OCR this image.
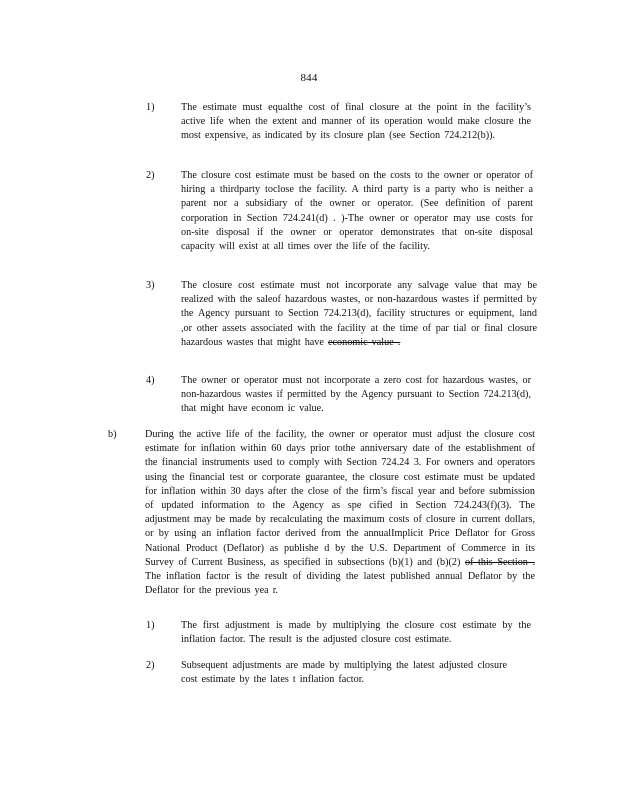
844
1)	The estimate must equalthe cost of final closure at the point in the facility’s active life when the extent and manner of its operation would make closure the most expensive, as indicated by its closure plan (see Section 724.212(b)).
2)	The closure cost estimate must be based on the costs to the owner or operator of hiring a thirdparty toclose the facility. A third party is a party who is neither a parent nor a subsidiary of the owner or operator. (See definition of parent corporation in Section 724.241(d) . )-The owner or operator may use costs for on-site disposal if the owner or operator demonstrates that on-site disposal capacity will exist at all times over the life of the facility.
3)	The closure cost estimate must not incorporate any salvage value that may be realized with the saleof hazardous wastes, or non-hazardous wastes if permitted by the Agency pursuant to Section 724.213(d), facility structures or equipment, land ,or other assets associated with the facility at the time of par tial or final closure hazardous wastes that might have economic value .
4)	The owner or operator must not incorporate a zero cost for hazardous wastes, or non-hazardous wastes if permitted by the Agency pursuant to Section 724.213(d), that might have econom ic value.
b)	During the active life of the facility, the owner or operator must adjust the closure cost estimate for inflation within 60 days prior tothe anniversary date of the establishment of the financial instruments used to comply with Section 724.24 3. For owners and operators using the financial test or corporate guarantee, the closure cost estimate must be updated for inflation within 30 days after the close of the firm’s fiscal year and before submission of updated information to the Agency as spe cified in Section 724.243(f)(3). The adjustment may be made by recalculating the maximum costs of closure in current dollars, or by using an inflation factor derived from the annualImplicit Price Deflator for Gross National Product (Deflator) as publishe d by the U.S. Department of Commerce in its Survey of Current Business, as specified in subsections (b)(1) and (b)(2) of this Section . The inflation factor is the result of dividing the latest published annual Deflator by the Deflator for the previous yea r.
1)	The first adjustment is made by multiplying the closure cost estimate by the inflation factor. The result is the adjusted closure cost estimate.
2)	Subsequent adjustments are made by multiplying the latest adjusted closure cost estimate by the lates t inflation factor.
